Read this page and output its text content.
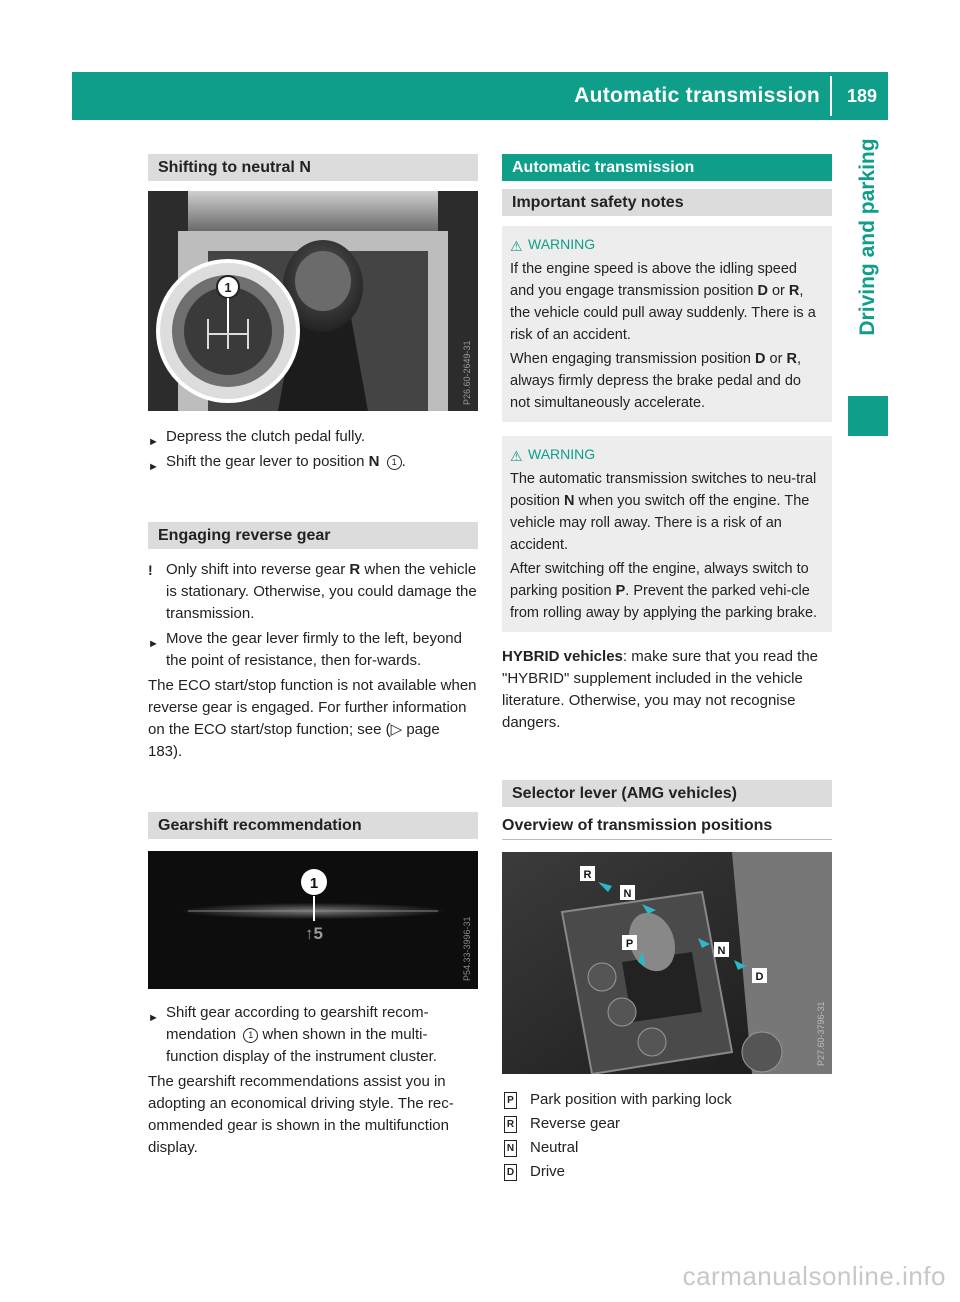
Automatic transmission	189
Driving and parking
Shifting to neutral N
1
P26.60-2649-31
► Depress the clutch pedal fully.
► Shift the gear lever to position N 1 .
Engaging reverse gear
! Only shift into reverse gear R when the vehicle is stationary. Otherwise, you could damage the transmission.
► Move the gear lever firmly to the left, beyond the point of resistance, then for-wards.

The ECO start/stop function is not available when reverse gear is engaged. For further information on the ECO start/stop function; see (▷ page 183).

Gearshift recommendation
1
↑5	P54.33-3996-31
► Shift gear according to gearshift recom-mendation 1 when shown in the multi-function display of the instrument cluster.

The gearshift recommendations assist you in adopting an economical driving style. The rec-ommended gear is shown in the multifunction display.

Automatic transmission
Important safety notes
⚠ WARNING

If the engine speed is above the idling speed and you engage transmission position D or R, the vehicle could pull away suddenly. There is a risk of an accident.

When engaging transmission position D or R, always firmly depress the brake pedal and do not simultaneously accelerate.

⚠ WARNING

The automatic transmission switches to neu-tral position N when you switch off the engine. The vehicle may roll away. There is a risk of an accident.

After switching off the engine, always switch to parking position P. Prevent the parked vehi-cle from rolling away by applying the parking brake.

HYBRID vehicles: make sure that you read the "HYBRID" supplement included in the vehicle literature. Otherwise, you may not recognise dangers.

Selector lever (AMG vehicles)
Overview of transmission positions
R
N
P
N
D
P27.60-3796-31
P Park position with parking lock
R Reverse gear
N Neutral
D Drive
carmanualsonline.info
